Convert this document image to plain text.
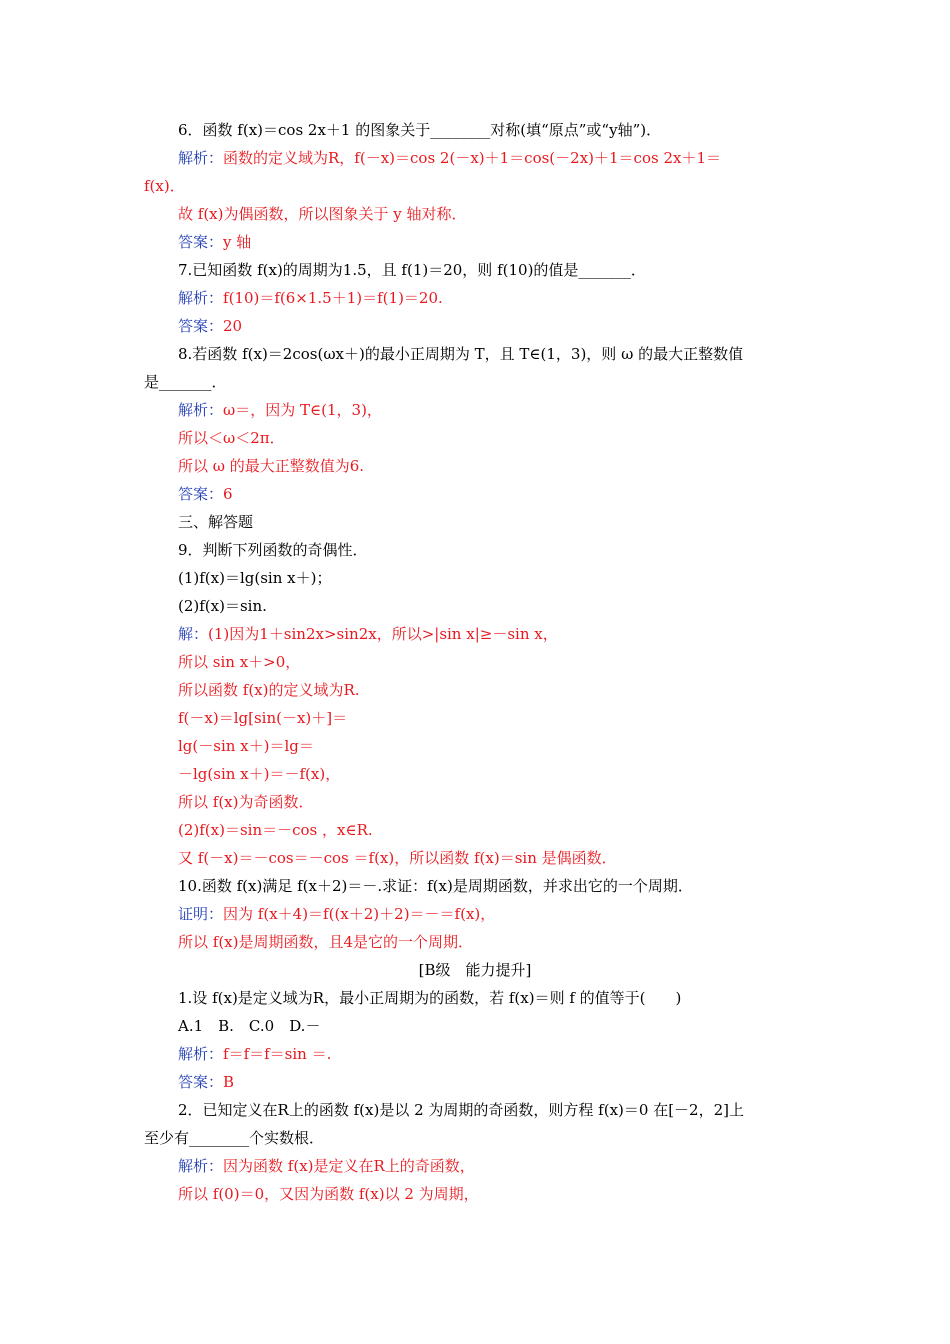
6．函数 f(x)＝cos 2x＋1 的图象关于________对称(填“原点”或“y轴”)．
解析：函数的定义域为R，f(－x)＝cos 2(－x)＋1＝cos(－2x)＋1＝cos 2x＋1＝
f(x)．
故 f(x)为偶函数，所以图象关于 y 轴对称．
答案：y 轴
7.已知函数 f(x)的周期为1.5，且 f(1)＝20，则 f(10)的值是_______．
解析：f(10)＝f(6×1.5＋1)＝f(1)＝20.
答案：20
8.若函数 f(x)＝2cos(ωx＋)的最小正周期为 T，且 T∈(1，3)，则 ω 的最大正整数值
是_______．
解析：ω＝，因为 T∈(1，3)，
所以＜ω＜2π．
所以 ω 的最大正整数值为6.
答案：6
三、解答题
9．判断下列函数的奇偶性．
(1)f(x)＝lg(sin x＋)；
(2)f(x)＝sin.
解：(1)因为1＋sin2x>sin2x，所以>|sin x|≥－sin x，
所以 sin x＋>0，
所以函数 f(x)的定义域为R.
f(－x)＝lg[sin(－x)＋]＝
lg(－sin x＋)＝lg＝
－lg(sin x＋)＝－f(x)，
所以 f(x)为奇函数．
(2)f(x)＝sin＝－cos ，x∈R.
又 f(－x)＝－cos＝－cos ＝f(x)，所以函数 f(x)＝sin 是偶函数．
10.函数 f(x)满足 f(x＋2)＝－.求证：f(x)是周期函数，并求出它的一个周期．
证明：因为 f(x＋4)＝f((x＋2)＋2)＝－＝f(x)，
所以 f(x)是周期函数，且4是它的一个周期．
[B级　能力提升]
1.设 f(x)是定义域为R，最小正周期为的函数，若 f(x)＝则 f 的值等于(　　)
A.1　B.　C.0　D.－
解析：f＝f＝f＝sin ＝.
答案：B
2．已知定义在R上的函数 f(x)是以 2 为周期的奇函数，则方程 f(x)＝0 在[－2，2]上
至少有________个实数根．
解析：因为函数 f(x)是定义在R上的奇函数，
所以 f(0)＝0，又因为函数 f(x)以 2 为周期，
